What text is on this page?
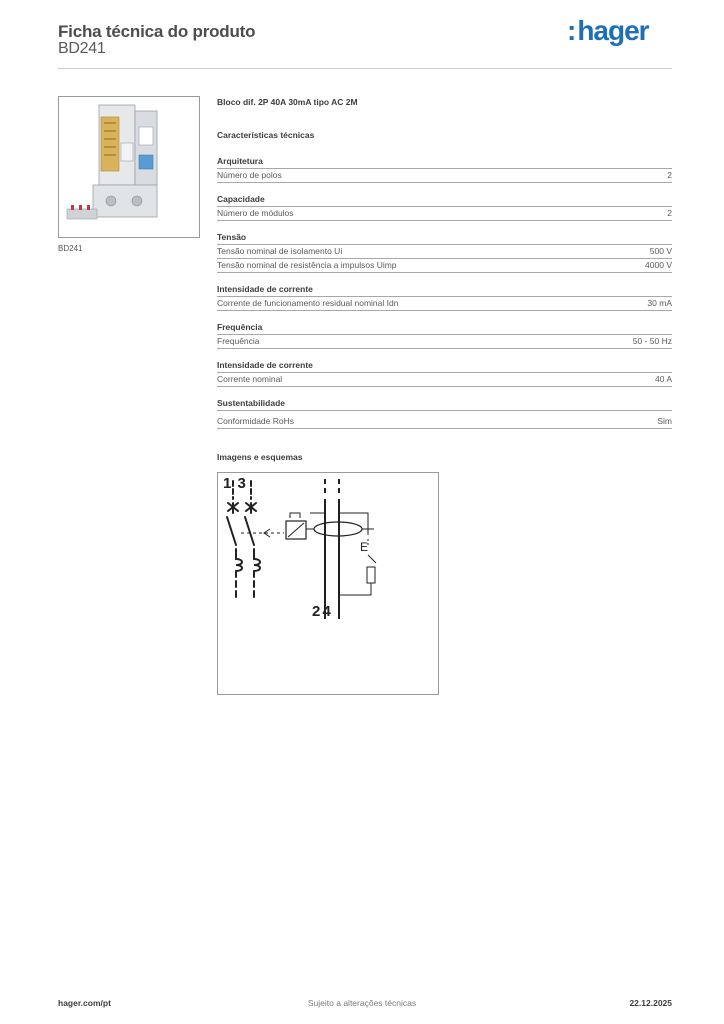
Ficha técnica do produto
BD241
:hager
BD241
Bloco dif. 2P 40A 30mA tipo AC 2M
Características técnicas
Arquitetura
Número de polos	2
Capacidade
Número de módulos	2
Tensão
Tensão nominal de isolamento Ui	500 V
Tensão nominal de resistência a impulsos Uimp	4000 V
Intensidade de corrente
Corrente de funcionamento residual nominal Idn	30 mA
Frequência
Frequência	50 - 50 Hz
Intensidade de corrente
Corrente nominal	40 A
Sustentabilidade
Conformidade RoHs	Sim
Imagens e esquemas
E
1 3
2 4
hager.com/pt	Sujeito a alterações técnicas	22.12.2025
